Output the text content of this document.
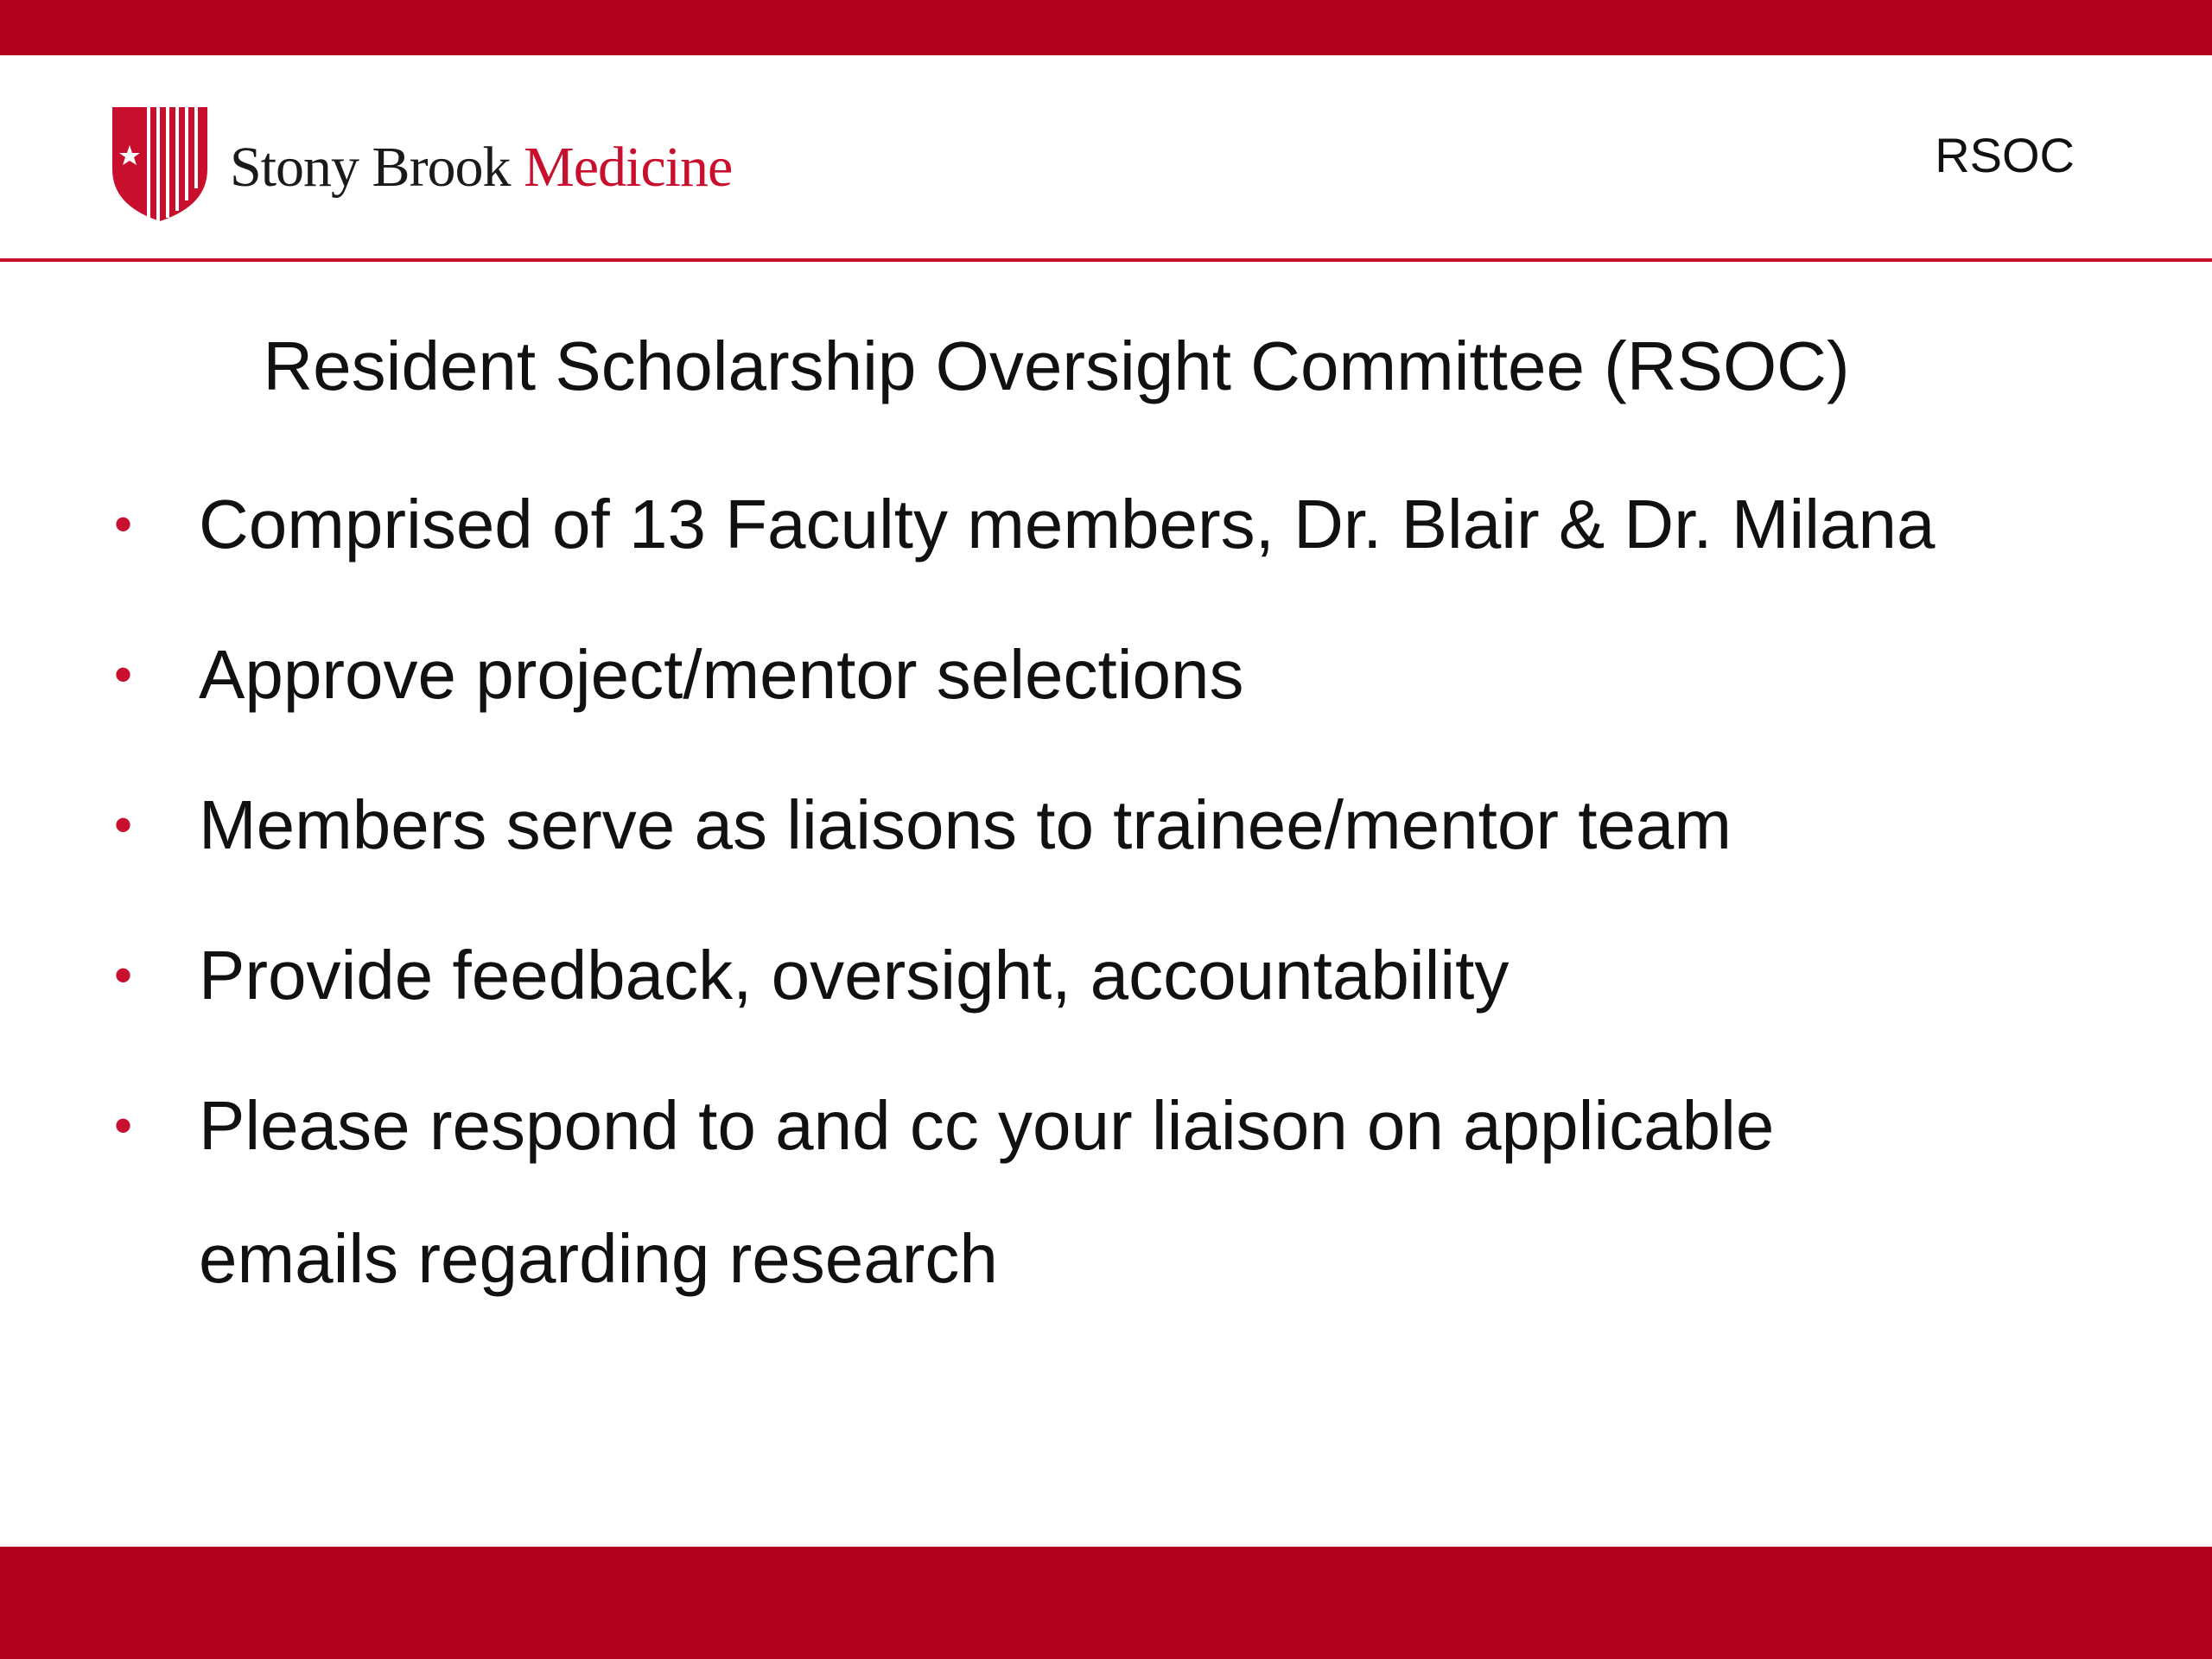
Stony Brook Medicine	RSOC
Resident Scholarship Oversight Committee (RSOC)
• Comprised of 13 Faculty members, Dr. Blair & Dr. Milana
• Approve project/mentor selections
• Members serve as liaisons to trainee/mentor team
• Provide feedback, oversight, accountability
• Please respond to and cc your liaison on applicable
emails regarding research
